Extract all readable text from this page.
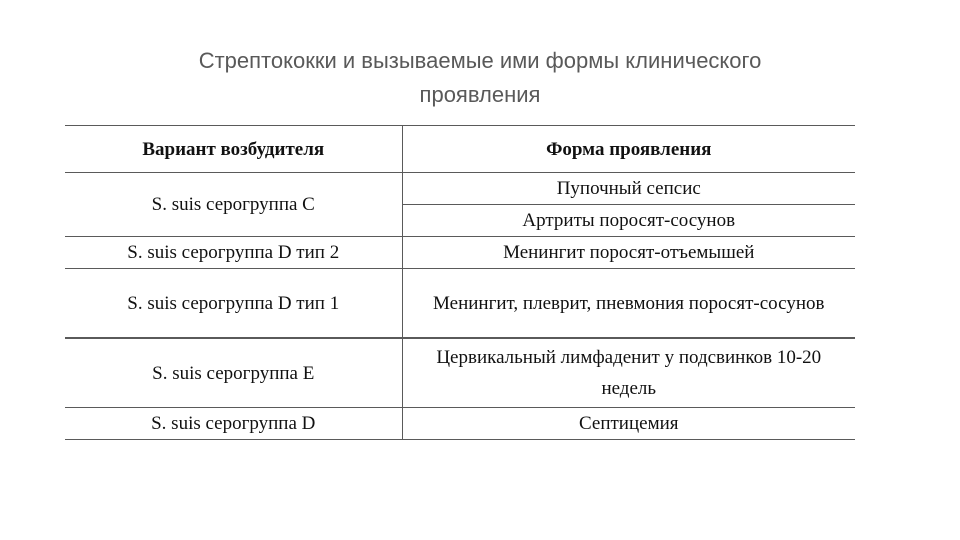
Стрептококки и вызываемые ими формы клинического
проявления
Вариант возбудителя	Форма проявления
S. suis серогруппа C	Пупочный сепсис
	Артриты поросят-сосунов
S. suis серогруппа D тип 2	Менингит поросят-отъемышей
S. suis серогруппа D тип 1	Менингит, плеврит, пневмония поросят-сосунов
S. suis серогруппа E	Цервикальный лимфаденит у подсвинков 10-20 недель
S. suis серогруппа D	Септицемия
